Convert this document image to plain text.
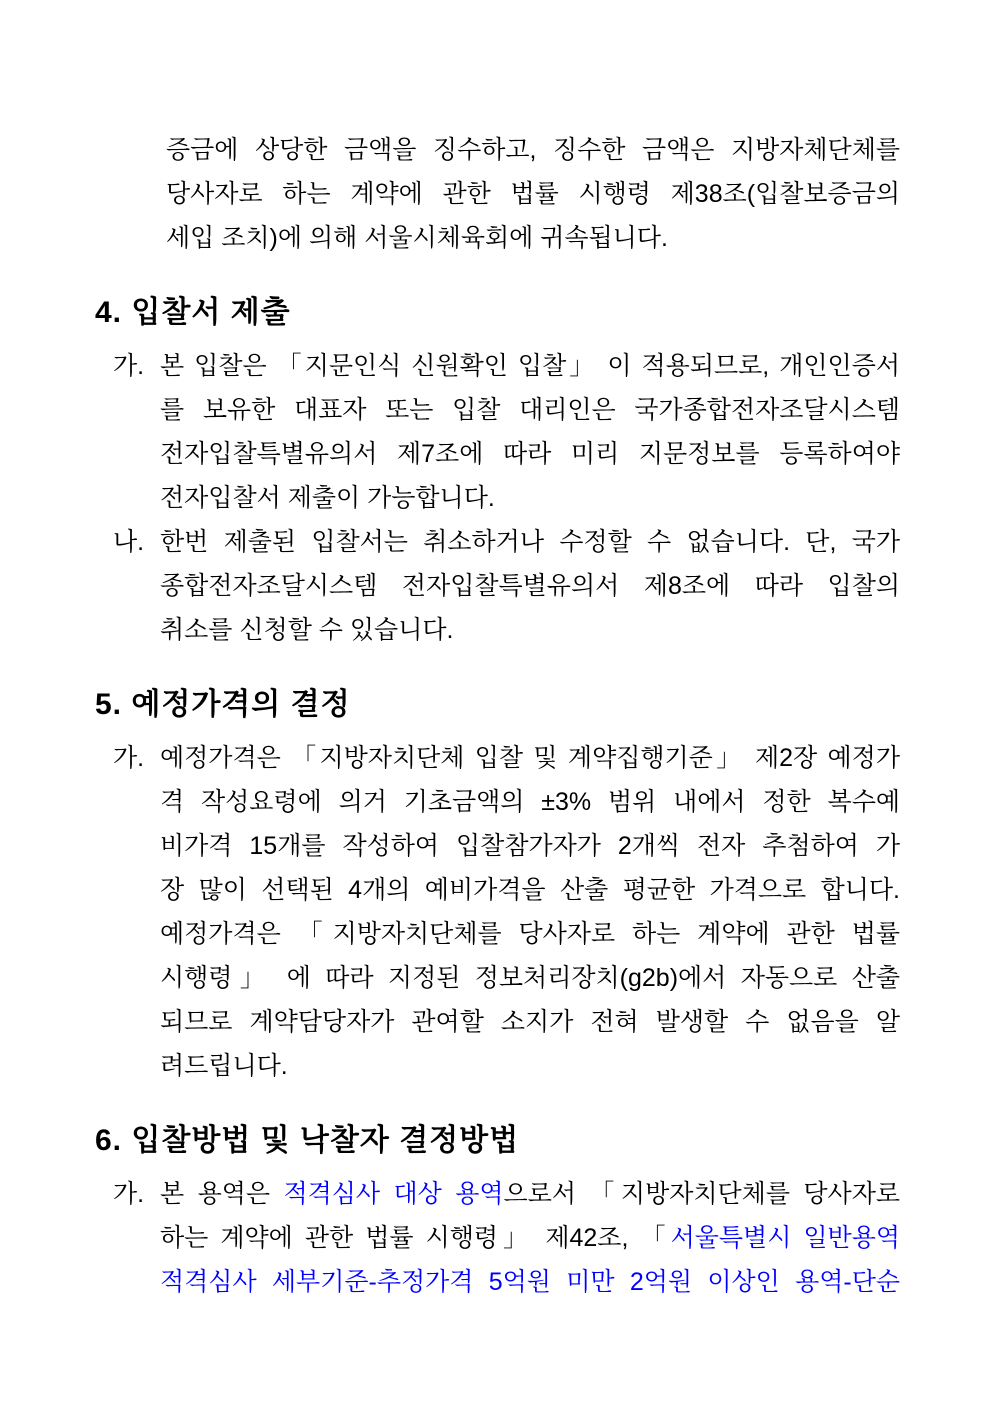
증금에 상당한 금액을 징수하고, 징수한 금액은 지방자체단체를
당사자로 하는 계약에 관한 법률 시행령 제38조(입찰보증금의
세입 조치)에 의해 서울시체육회에 귀속됩니다.
4. 입찰서 제출
가. 본 입찰은 「지문인식 신원확인 입찰」 이 적용되므로, 개인인증서
를 보유한 대표자 또는 입찰 대리인은 국가종합전자조달시스템
전자입찰특별유의서 제7조에 따라 미리 지문정보를 등록하여야
전자입찰서 제출이 가능합니다.
나. 한번 제출된 입찰서는 취소하거나 수정할 수 없습니다. 단, 국가
종합전자조달시스템 전자입찰특별유의서 제8조에 따라 입찰의
취소를 신청할 수 있습니다.
5. 예정가격의 결정
가. 예정가격은 「지방자치단체 입찰 및 계약집행기준」 제2장 예정가
격 작성요령에 의거 기초금액의 ±3% 범위 내에서 정한 복수예
비가격 15개를 작성하여 입찰참가자가 2개씩 전자 추첨하여 가
장 많이 선택된 4개의 예비가격을 산출 평균한 가격으로 합니다.
예정가격은 「지방자치단체를 당사자로 하는 계약에 관한 법률
시행령」 에 따라 지정된 정보처리장치(g2b)에서 자동으로 산출
되므로 계약담당자가 관여할 소지가 전혀 발생할 수 없음을 알
려드립니다.
6. 입찰방법 및 낙찰자 결정방법
가. 본 용역은 적격심사 대상 용역으로서 「지방자치단체를 당사자로
하는 계약에 관한 법률 시행령」 제42조, 「서울특별시 일반용역
적격심사 세부기준-추정가격 5억원 미만 2억원 이상인 용역-단순
